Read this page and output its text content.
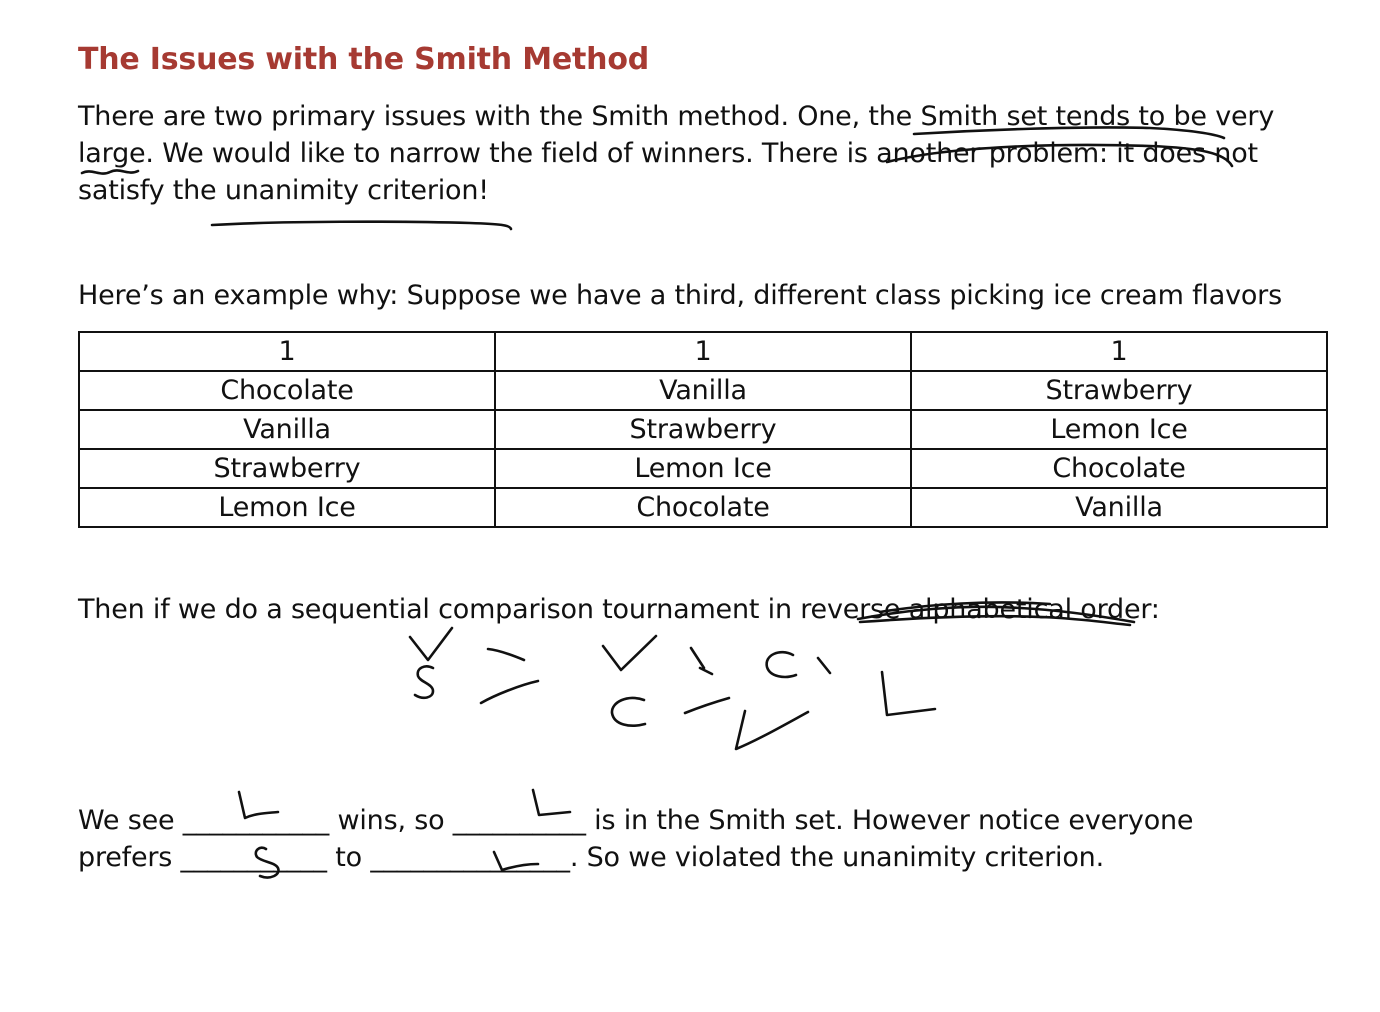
The Issues with the Smith Method
There are two primary issues with the Smith method. One, the Smith set tends to be very
large. We would like to narrow the field of winners. There is another problem: it does not
satisfy the unanimity criterion!
Here’s an example why: Suppose we have a third, different class picking ice cream flavors
1	1	1
Chocolate	Vanilla	Strawberry
Vanilla	Strawberry	Lemon Ice
Strawberry	Lemon Ice	Chocolate
Lemon Ice	Chocolate	Vanilla
Then if we do a sequential comparison tournament in reverse alphabetical order:
We see ___________ wins, so __________ is in the Smith set. However notice everyone
prefers ___________ to _______________. So we violated the unanimity criterion.
